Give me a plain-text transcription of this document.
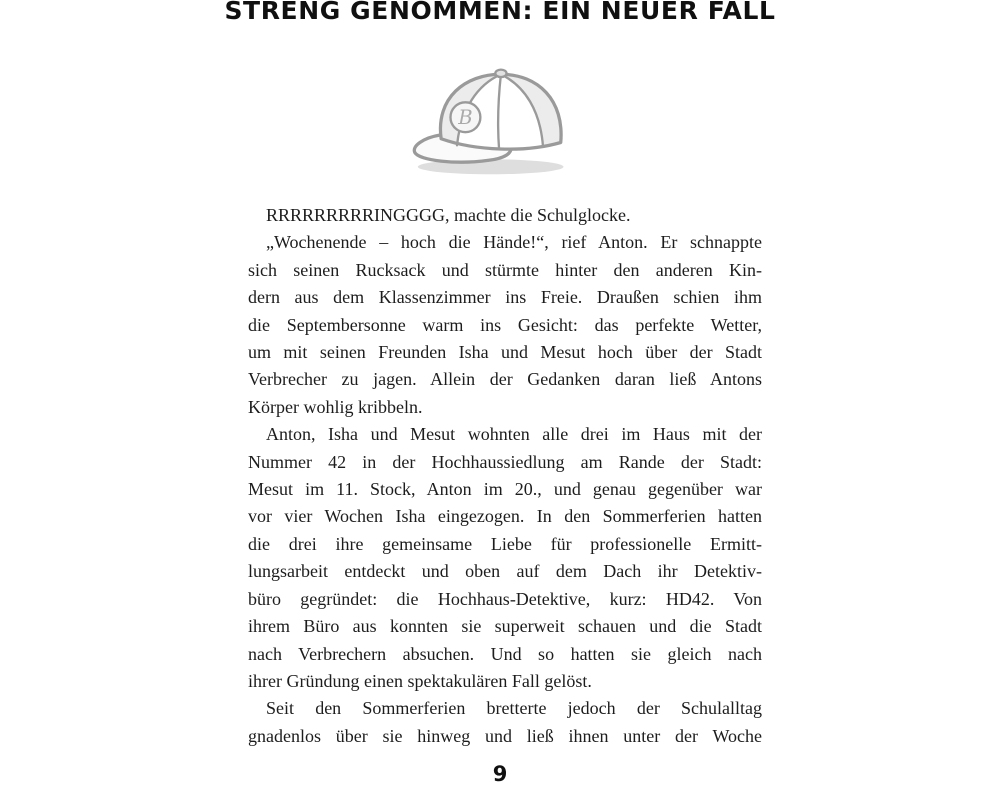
STRENG GENOMMEN: EIN NEUER FALL
B

RRRRRRRRRINGGGG, machte die Schulglocke.

„Wochenende – hoch die Hände!“, rief Anton. Er schnappte
sich seinen Rucksack und stürmte hinter den anderen Kin-
dern aus dem Klassenzimmer ins Freie. Draußen schien ihm
die Septembersonne warm ins Gesicht: das perfekte Wetter,
um mit seinen Freunden Isha und Mesut hoch über der Stadt
Verbrecher zu jagen. Allein der Gedanken daran ließ Antons
Körper wohlig kribbeln.

Anton, Isha und Mesut wohnten alle drei im Haus mit der
Nummer 42 in der Hochhaussiedlung am Rande der Stadt:
Mesut im 11. Stock, Anton im 20., und genau gegenüber war
vor vier Wochen Isha eingezogen. In den Sommerferien hatten
die drei ihre gemeinsame Liebe für professionelle Ermitt-
lungsarbeit entdeckt und oben auf dem Dach ihr Detektiv-
büro gegründet: die Hochhaus-Detektive, kurz: HD42. Von
ihrem Büro aus konnten sie superweit schauen und die Stadt
nach Verbrechern absuchen. Und so hatten sie gleich nach
ihrer Gründung einen spektakulären Fall gelöst.

Seit den Sommerferien bretterte jedoch der Schulalltag
gnadenlos über sie hinweg und ließ ihnen unter der Woche

9
